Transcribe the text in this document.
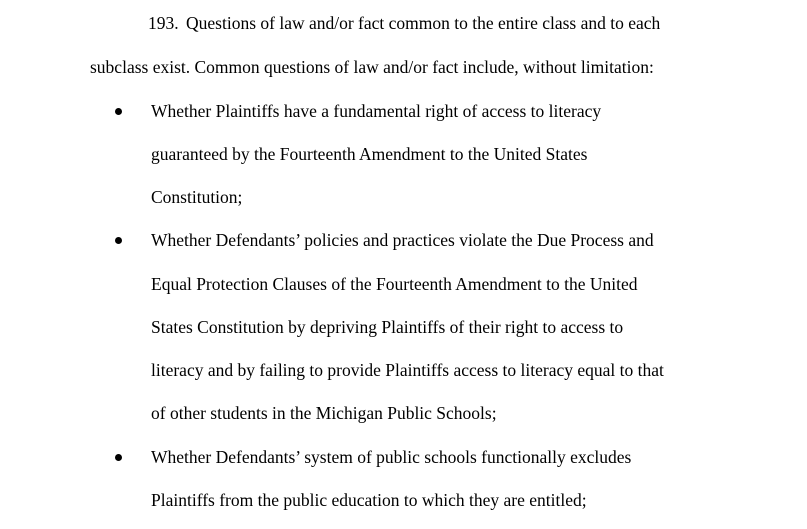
193. Questions of law and/or fact common to the entire class and to each
subclass exist. Common questions of law and/or fact include, without limitation:
Whether Plaintiffs have a fundamental right of access to literacy
guaranteed by the Fourteenth Amendment to the United States
Constitution;
Whether Defendants’ policies and practices violate the Due Process and
Equal Protection Clauses of the Fourteenth Amendment to the United
States Constitution by depriving Plaintiffs of their right to access to
literacy and by failing to provide Plaintiffs access to literacy equal to that
of other students in the Michigan Public Schools;
Whether Defendants’ system of public schools functionally excludes
Plaintiffs from the public education to which they are entitled;
